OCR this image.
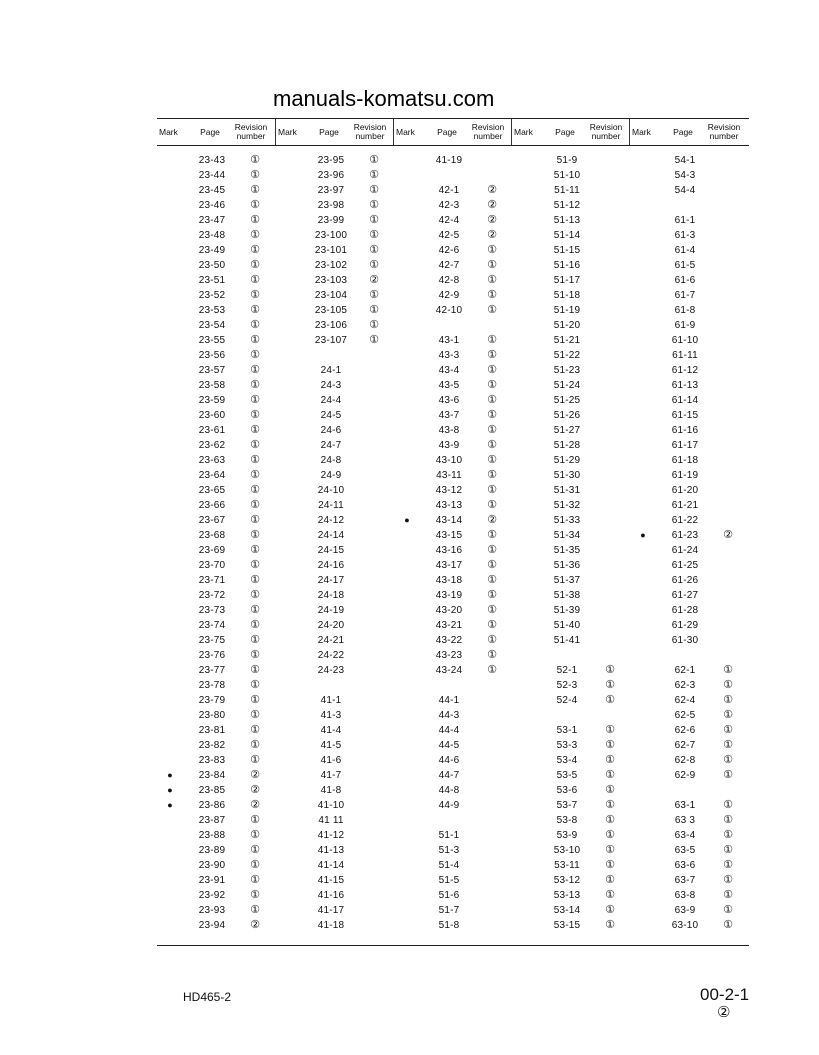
manuals-komatsu.com
Mark	Page	Revision
number
23-43	①
23-44	①
23-45	①
23-46	①
23-47	①
23-48	①
23-49	①
23-50	①
23-51	①
23-52	①
23-53	①
23-54	①
23-55	①
23-56	①
23-57	①
23-58	①
23-59	①
23-60	①
23-61	①
23-62	①
23-63	①
23-64	①
23-65	①
23-66	①
23-67	①
23-68	①
23-69	①
23-70	①
23-71	①
23-72	①
23-73	①
23-74	①
23-75	①
23-76	①
23-77	①
23-78	①
23-79	①
23-80	①
23-81	①
23-82	①
23-83	①
●	23-84	②
●	23-85	②
●	23-86	②
23-87	①
23-88	①
23-89	①
23-90	①
23-91	①
23-92	①
23-93	①
23-94	②
Mark	Page	Revision
number
23-95	①
23-96	①
23-97	①
23-98	①
23-99	①
23-100	①
23-101	①
23-102	①
23-103	②
23-104	①
23-105	①
23-106	①
23-107	①
24-1
24-3
24-4
24-5
24-6
24-7
24-8
24-9
24-10
24-11
24-12
24-14
24-15
24-16
24-17
24-18
24-19
24-20
24-21
24-22
24-23
41-1
41-3
41-4
41-5
41-6
41-7
41-8
41-10
41 11
41-12
41-13
41-14
41-15
41-16
41-17
41-18
Mark	Page	Revision
number
41-19
42-1	②
42-3	②
42-4	②
42-5	②
42-6	①
42-7	①
42-8	①
42-9	①
42-10	①
43-1	①
43-3	①
43-4	①
43-5	①
43-6	①
43-7	①
43-8	①
43-9	①
43-10	①
43-11	①
43-12	①
43-13	①
●	43-14	②
43-15	①
43-16	①
43-17	①
43-18	①
43-19	①
43-20	①
43-21	①
43-22	①
43-23	①
43-24	①
44-1
44-3
44-4
44-5
44-6
44-7
44-8
44-9
51-1
51-3
51-4
51-5
51-6
51-7
51-8
Mark	Page	Revision
number
51-9
51-10
51-11
51-12
51-13
51-14
51-15
51-16
51-17
51-18
51-19
51-20
51-21
51-22
51-23
51-24
51-25
51-26
51-27
51-28
51-29
51-30
51-31
51-32
51-33
51-34
51-35
51-36
51-37
51-38
51-39
51-40
51-41
52-1	①
52-3	①
52-4	①
53-1	①
53-3	①
53-4	①
53-5	①
53-6	①
53-7	①
53-8	①
53-9	①
53-10	①
53-11	①
53-12	①
53-13	①
53-14	①
53-15	①
Mark	Page	Revision
number
54-1
54-3
54-4
61-1
61-3
61-4
61-5
61-6
61-7
61-8
61-9
61-10
61-11
61-12
61-13
61-14
61-15
61-16
61-17
61-18
61-19
61-20
61-21
61-22
●	61-23	②
61-24
61-25
61-26
61-27
61-28
61-29
61-30
62-1	①
62-3	①
62-4	①
62-5	①
62-6	①
62-7	①
62-8	①
62-9	①
63-1	①
63 3	①
63-4	①
63-5	①
63-6	①
63-7	①
63-8	①
63-9	①
63-10	①
HD465-2	00-2-1
②
